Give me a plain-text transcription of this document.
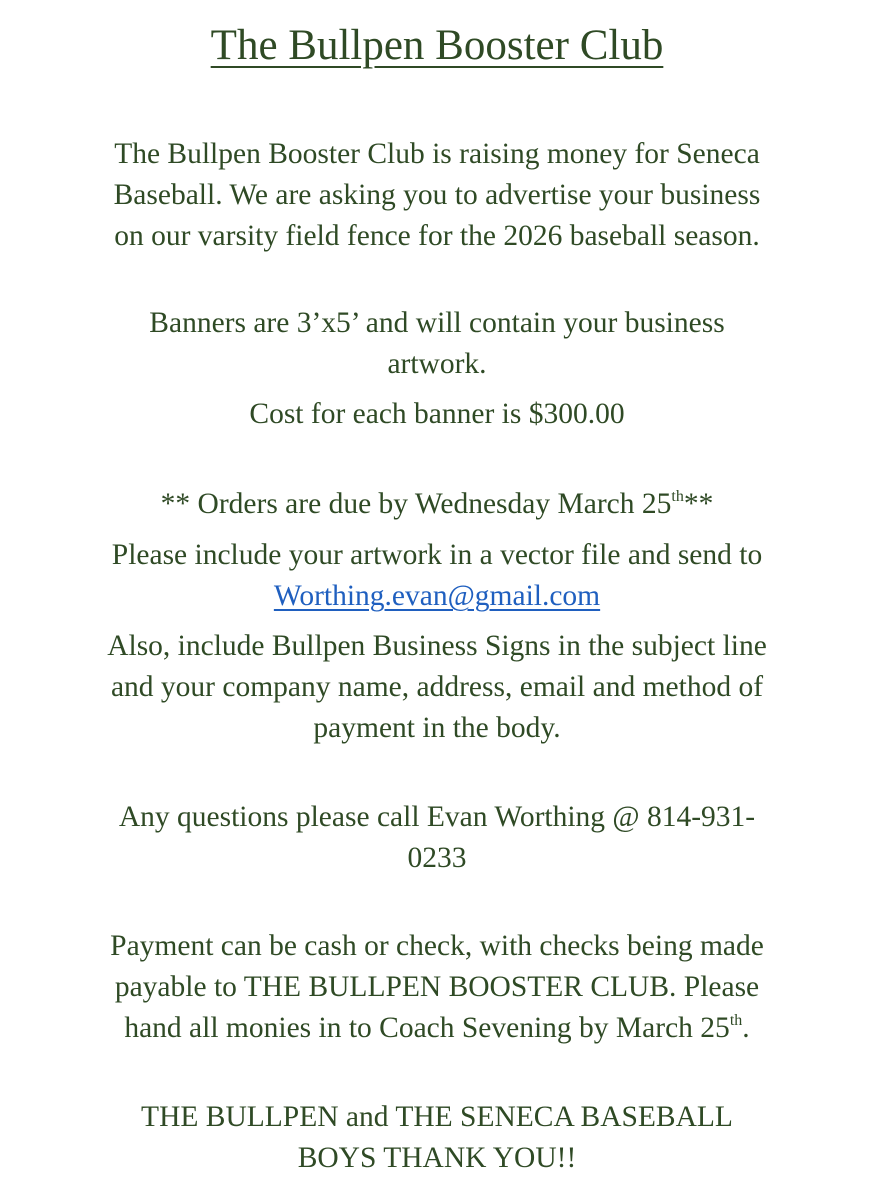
The Bullpen Booster Club

The Bullpen Booster Club is raising money for Seneca
Baseball. We are asking you to advertise your business
on our varsity field fence for the 2026 baseball season.

Banners are 3’x5’ and will contain your business
artwork.

Cost for each banner is $300.00

** Orders are due by Wednesday March 25th**

Please include your artwork in a vector file and send to
Worthing.evan@gmail.com

Also, include Bullpen Business Signs in the subject line
and your company name, address, email and method of
payment in the body.

Any questions please call Evan Worthing @ 814-931-
0233

Payment can be cash or check, with checks being made
payable to THE BULLPEN BOOSTER CLUB. Please
hand all monies in to Coach Sevening by March 25th.

THE BULLPEN and THE SENECA BASEBALL
BOYS THANK YOU!!
